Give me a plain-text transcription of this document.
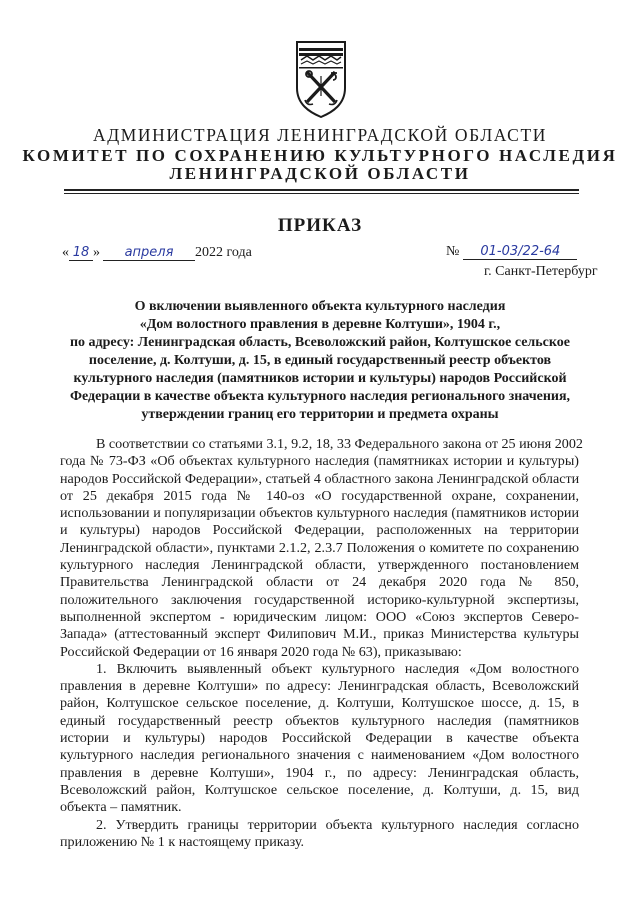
АДМИНИСТРАЦИЯ ЛЕНИНГРАДСКОЙ ОБЛАСТИ
КОМИТЕТ ПО СОХРАНЕНИЮ КУЛЬТУРНОГО НАСЛЕДИЯ
ЛЕНИНГРАДСКОЙ ОБЛАСТИ
ПРИКАЗ
« 18 » апреля 2022 года	№ 01-03/22-64
г. Санкт-Петербург
О включении выявленного объекта культурного наследия
«Дом волостного правления в деревне Колтуши», 1904 г.,
по адресу: Ленинградская область, Всеволожский район, Колтушское сельское
поселение, д. Колтуши, д. 15, в единый государственный реестр объектов
культурного наследия (памятников истории и культуры) народов Российской
Федерации в качестве объекта культурного наследия регионального значения,
утверждении границ его территории и предмета охраны
В соответствии со статьями 3.1, 9.2, 18, 33 Федерального закона от 25 июня 2002
года № 73-ФЗ «Об объектах культурного наследия (памятниках истории и культуры)
народов Российской Федерации», статьей 4 областного закона Ленинградской области
от 25 декабря 2015 года № 140-оз «О государственной охране, сохранении,
использовании и популяризации объектов культурного наследия (памятников истории
и культуры) народов Российской Федерации, расположенных на территории
Ленинградской области», пунктами 2.1.2, 2.3.7 Положения о комитете по сохранению
культурного наследия Ленинградской области, утвержденного постановлением
Правительства Ленинградской области от 24 декабря 2020 года № 850,
положительного заключения государственной историко-культурной экспертизы,
выполненной экспертом - юридическим лицом: ООО «Союз экспертов Северо-
Запада» (аттестованный эксперт Филипович М.И., приказ Министерства культуры
Российской Федерации от 16 января 2020 года № 63), приказываю:
1. Включить выявленный объект культурного наследия «Дом волостного
правления в деревне Колтуши» по адресу: Ленинградская область, Всеволожский
район, Колтушское сельское поселение, д. Колтуши, Колтушское шоссе, д. 15, в
единый государственный реестр объектов культурного наследия (памятников
истории и культуры) народов Российской Федерации в качестве объекта
культурного наследия регионального значения с наименованием «Дом волостного
правления в деревне Колтуши», 1904 г., по адресу: Ленинградская область,
Всеволожский район, Колтушское сельское поселение, д. Колтуши, д. 15, вид
объекта – памятник.
2. Утвердить границы территории объекта культурного наследия согласно
приложению № 1 к настоящему приказу.
